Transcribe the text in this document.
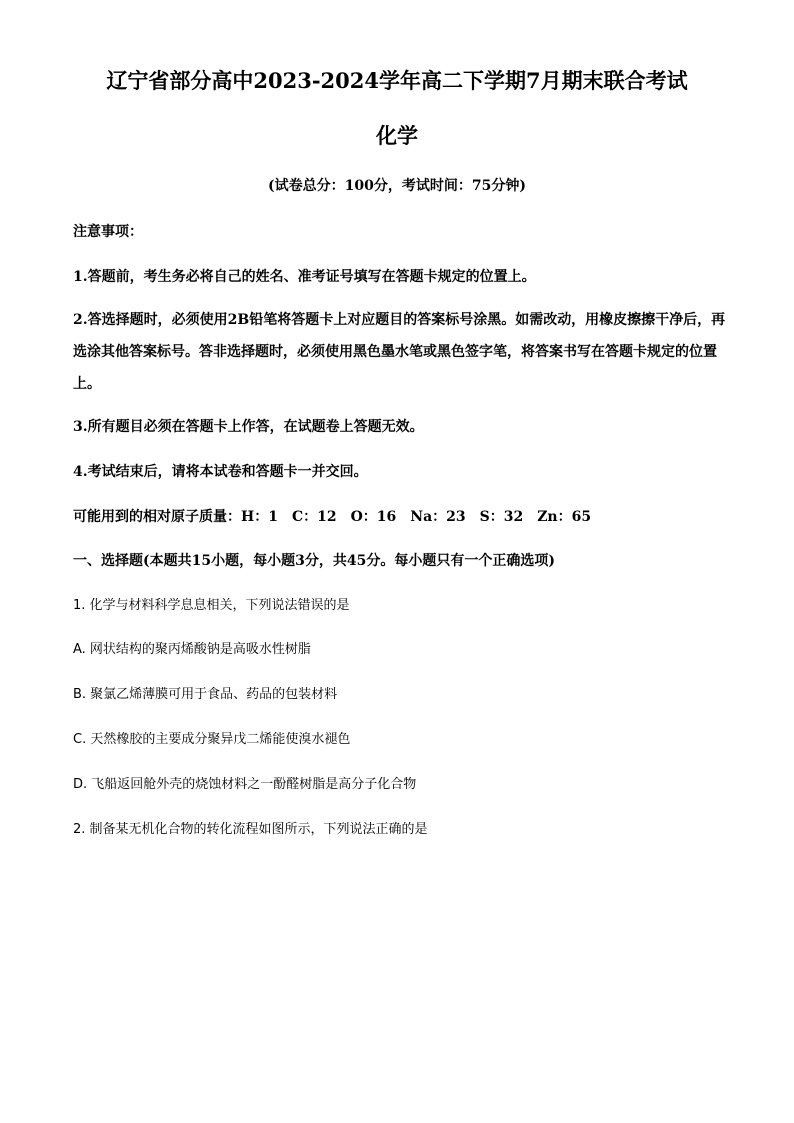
辽宁省部分高中2023-2024学年高二下学期7月期末联合考试
化学
(试卷总分：100分，考试时间：75分钟)
注意事项：
1.答题前，考生务必将自己的姓名、准考证号填写在答题卡规定的位置上。
2.答选择题时，必须使用2B铅笔将答题卡上对应题目的答案标号涂黑。如需改动，用橡皮擦擦干净后，再选涂其他答案标号。答非选择题时，必须使用黑色墨水笔或黑色签字笔，将答案书写在答题卡规定的位置上。
3.所有题目必须在答题卡上作答，在试题卷上答题无效。
4.考试结束后，请将本试卷和答题卡一并交回。
可能用到的相对原子质量：H：1　C：12　O：16　Na：23　S：32　Zn：65
一、选择题(本题共15小题，每小题3分，共45分。每小题只有一个正确选项)
1. 化学与材料科学息息相关，下列说法错误的是
A. 网状结构的聚丙烯酸钠是高吸水性树脂
B. 聚氯乙烯薄膜可用于食品、药品的包装材料
C. 天然橡胶的主要成分聚异戊二烯能使溴水褪色
D. 飞船返回舱外壳的烧蚀材料之一酚醛树脂是高分子化合物
2. 制备某无机化合物的转化流程如图所示，下列说法正确的是
